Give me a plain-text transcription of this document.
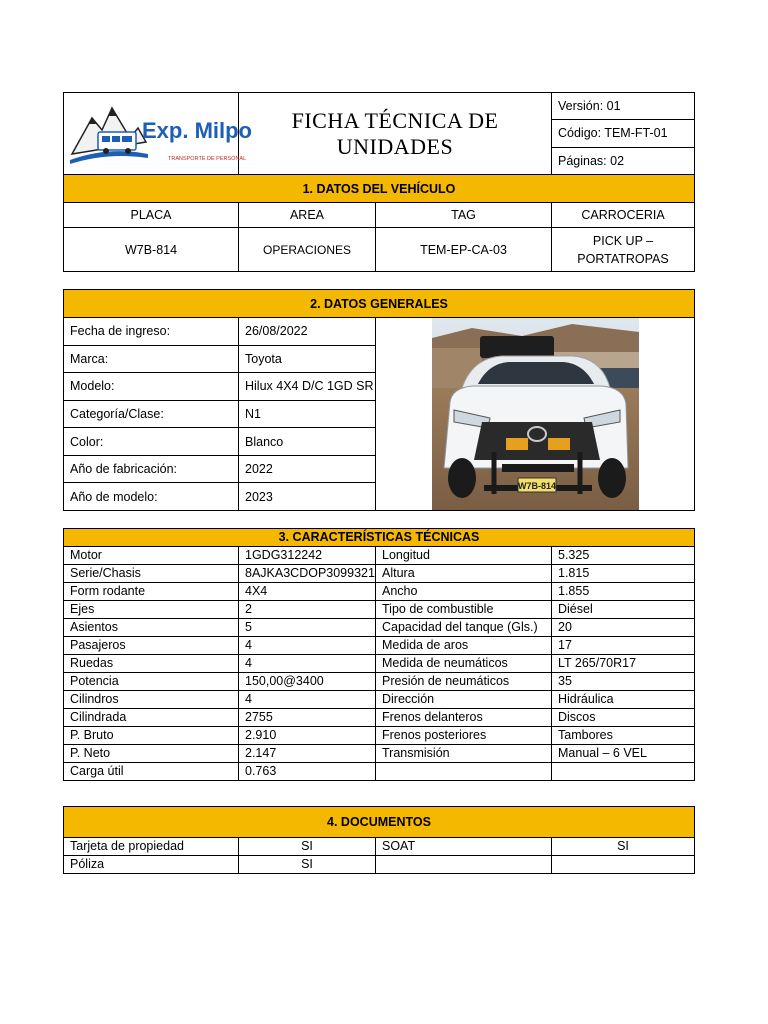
Exp. Milpo
TRANSPORTE DE PERSONAL

FICHA TÉCNICA DE
UNIDADES
	Versión: 01
Código: TEM-FT-01
Páginas: 02
1. DATOS DEL VEHÍCULO			
PLACA	AREA	TAG	CARROCERIA
W7B-814	OPERACIONES	TEM-EP-CA-03	PICK UP – PORTATROPAS
2. DATOS GENERALES		
Fecha de ingreso:	26/08/2022	W7B-814

Marca:	Toyota	
Modelo:	Hilux 4X4 D/C 1GD SR	
Categoría/Clase:	N1	
Color:	Blanco	
Año de fabricación:	2022	
Año de modelo:	2023	
3. CARACTERÍSTICAS TÉCNICAS			
Motor	1GDG312242	Longitud	5.325
Serie/Chasis	8AJKA3CDOP3099321	Altura	1.815
Form rodante	4X4	Ancho	1.855
Ejes	2	Tipo de combustible	Diésel
Asientos	5	Capacidad del tanque (Gls.)	20
Pasajeros	4	Medida de aros	17
Ruedas	4	Medida de neumáticos	LT 265/70R17
Potencia	150,00@3400	Presión de neumáticos	35
Cilindros	4	Dirección	Hidráulica
Cilindrada	2755	Frenos delanteros	Discos
P. Bruto	2.910	Frenos posteriores	Tambores
P. Neto	2.147	Transmisión	Manual – 6 VEL
Carga útil	0.763		
4. DOCUMENTOS			
Tarjeta de propiedad	SI	SOAT	SI
Póliza	SI		
